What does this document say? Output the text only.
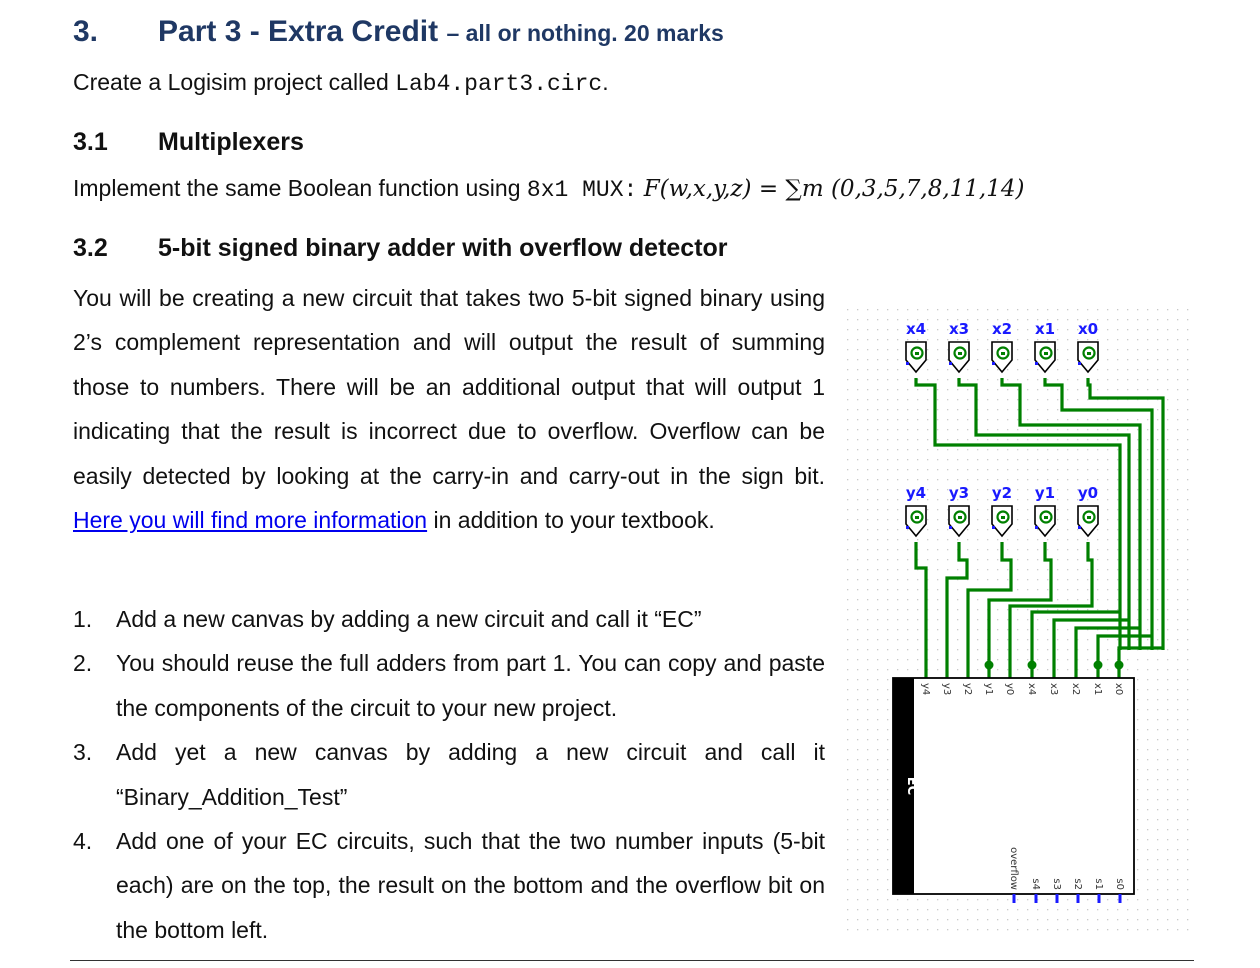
3. Part 3 - Extra Credit – all or nothing. 20 marks
Create a Logisim project called Lab4.part3.circ.
3.1 Multiplexers
Implement the same Boolean function using 8x1 MUX: F(w,x,y,z) = ∑m (0,3,5,7,8,11,14)
3.2 5-bit signed binary adder with overflow detector
You will be creating a new circuit that takes two 5-bit signed binary using 2’s complement representation and will output the result of summing those to numbers. There will be an additional output that will output 1 indicating that the result is incorrect due to overflow. Overflow can be easily detected by looking at the carry-in and carry-out in the sign bit. Here you will find more information in addition to your textbook.
1. Add a new canvas by adding a new circuit and call it “EC”
2. You should reuse the full adders from part 1. You can copy and paste the components of the circuit to your new project.
3. Add yet a new canvas by adding a new circuit and call it “Binary_Addition_Test”
4. Add one of your EC circuits, such that the two number inputs (5-bit each) are on the top, the result on the bottom and the overflow bit on the bottom left.
x4 x3 x2 x1 x0
y4 y3 y2 y1 y0
EC
y4 y3 y2 y1 y0 x4 x3 x2 x1 x0
overflow s4 s3 s2 s1 s0
